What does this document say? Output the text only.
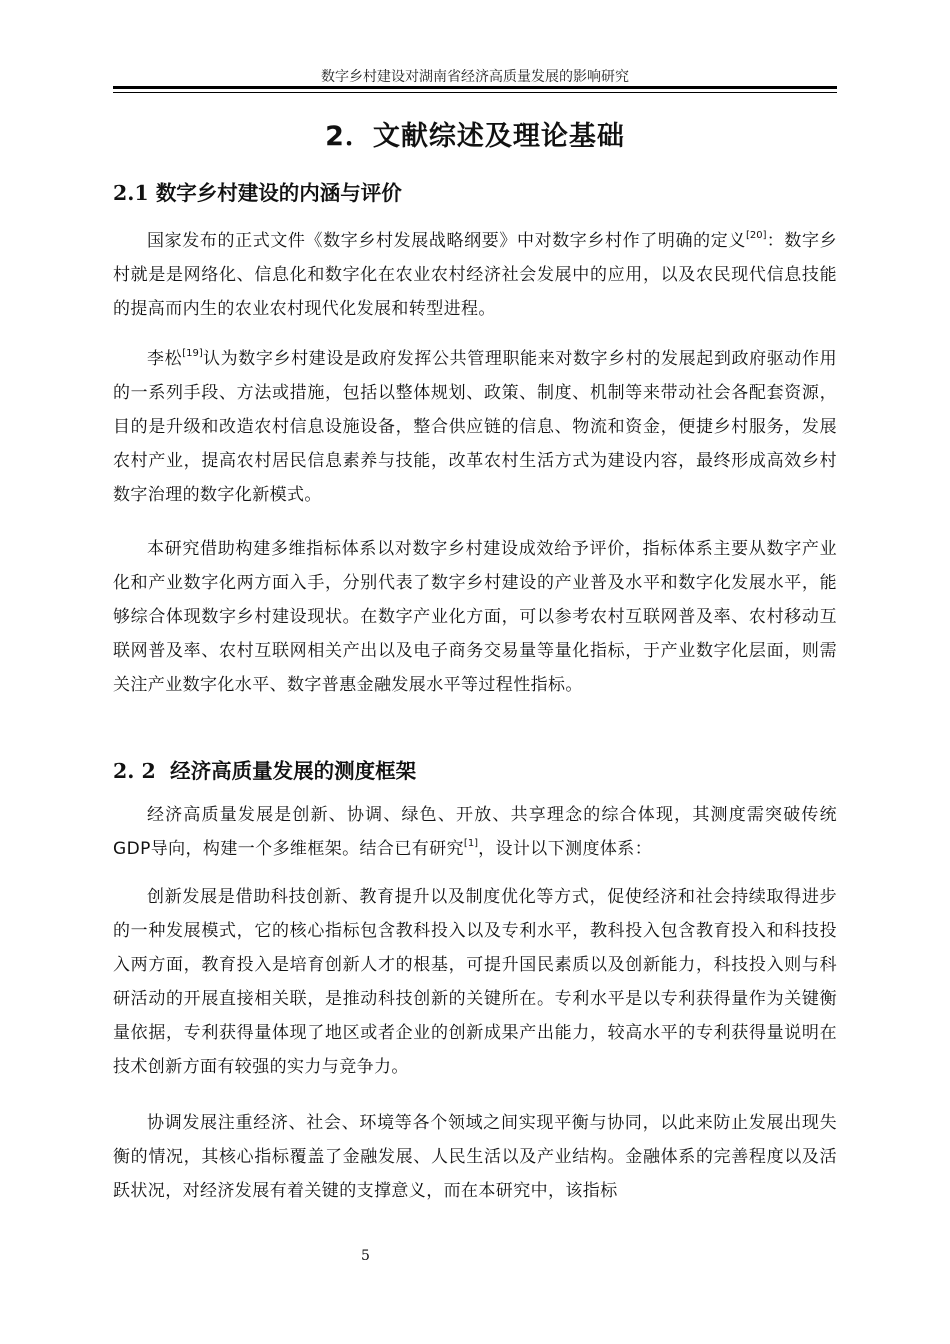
数字乡村建设对湖南省经济高质量发展的影响研究
2．文献综述及理论基础
2.1 数字乡村建设的内涵与评价
国家发布的正式文件《数字乡村发展战略纲要》中对数字乡村作了明确的定义[20]：数字乡村就是是网络化、信息化和数字化在农业农村经济社会发展中的应用，以及农民现代信息技能的提高而内生的农业农村现代化发展和转型进程。
李松[19]认为数字乡村建设是政府发挥公共管理职能来对数字乡村的发展起到政府驱动作用的一系列手段、方法或措施，包括以整体规划、政策、制度、机制等来带动社会各配套资源，目的是升级和改造农村信息设施设备，整合供应链的信息、物流和资金，便捷乡村服务，发展农村产业，提高农村居民信息素养与技能，改革农村生活方式为建设内容，最终形成高效乡村数字治理的数字化新模式。
本研究借助构建多维指标体系以对数字乡村建设成效给予评价，指标体系主要从数字产业化和产业数字化两方面入手，分别代表了数字乡村建设的产业普及水平和数字化发展水平，能够综合体现数字乡村建设现状。在数字产业化方面，可以参考农村互联网普及率、农村移动互联网普及率、农村互联网相关产出以及电子商务交易量等量化指标，于产业数字化层面，则需关注产业数字化水平、数字普惠金融发展水平等过程性指标。
2. 2 经济高质量发展的测度框架
经济高质量发展是创新、协调、绿色、开放、共享理念的综合体现，其测度需突破传统GDP导向，构建一个多维框架。结合已有研究[1]，设计以下测度体系：
创新发展是借助科技创新、教育提升以及制度优化等方式，促使经济和社会持续取得进步的一种发展模式，它的核心指标包含教科投入以及专利水平，教科投入包含教育投入和科技投入两方面，教育投入是培育创新人才的根基，可提升国民素质以及创新能力，科技投入则与科研活动的开展直接相关联，是推动科技创新的关键所在。专利水平是以专利获得量作为关键衡量依据，专利获得量体现了地区或者企业的创新成果产出能力，较高水平的专利获得量说明在技术创新方面有较强的实力与竞争力。
协调发展注重经济、社会、环境等各个领域之间实现平衡与协同，以此来防止发展出现失衡的情况，其核心指标覆盖了金融发展、人民生活以及产业结构。金融体系的完善程度以及活跃状况，对经济发展有着关键的支撑意义，而在本研究中，该指标
5
